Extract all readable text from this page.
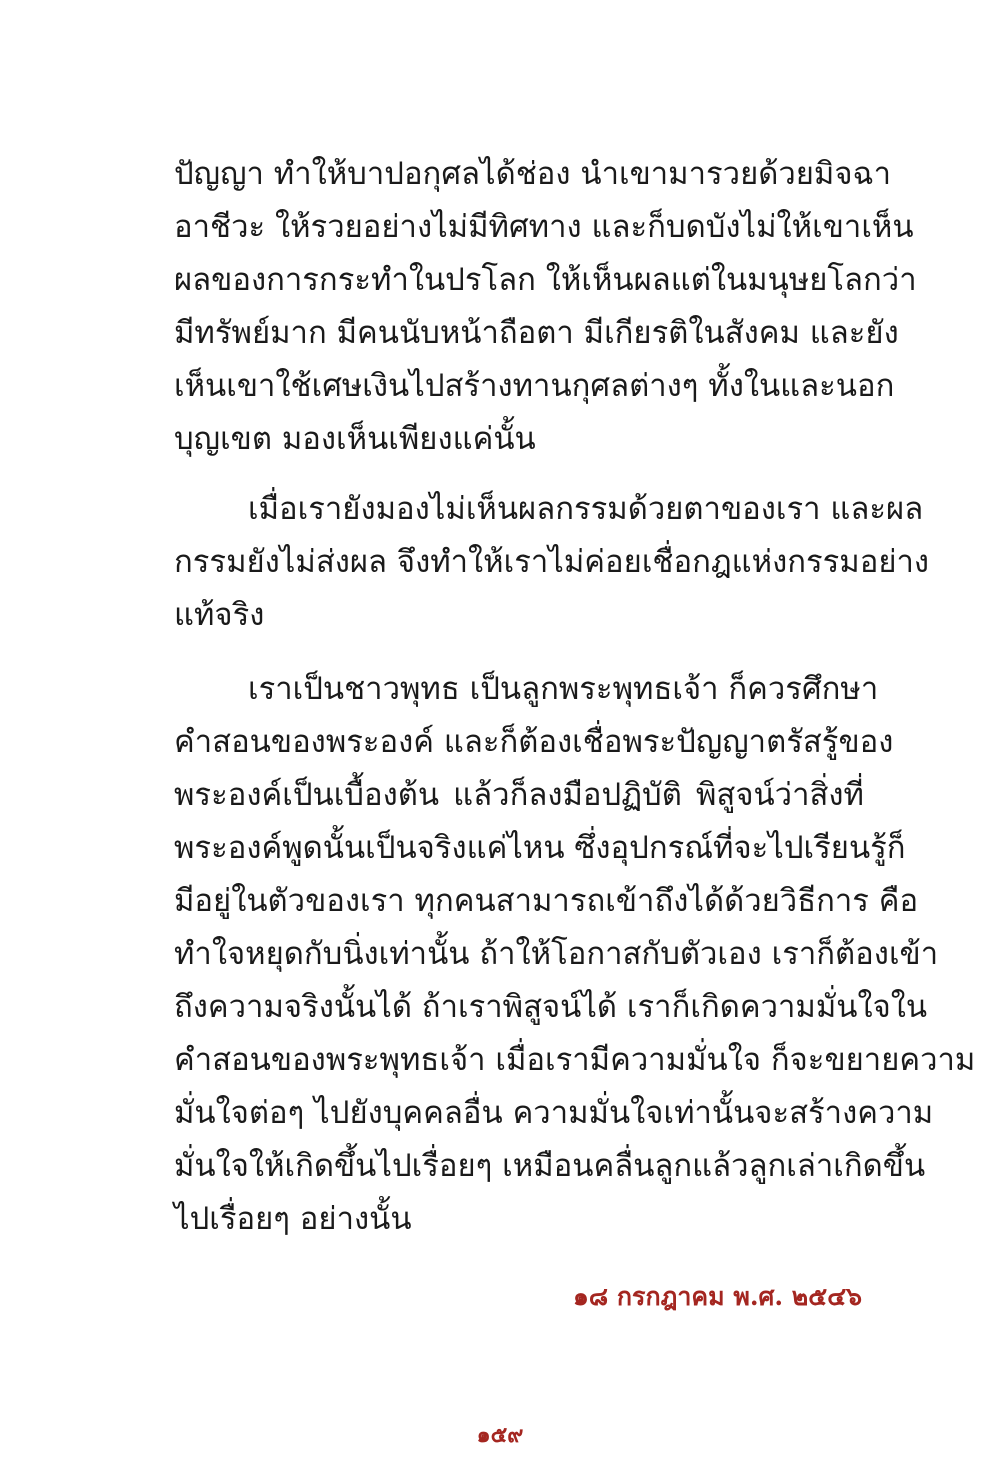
ปัญญา ทำให้บาปอกุศลได้ช่อง นำเขามารวยด้วยมิจฉา
อาชีวะ ให้รวยอย่างไม่มีทิศทาง และก็บดบังไม่ให้เขาเห็น
ผลของการกระทำในปรโลก ให้เห็นผลแต่ในมนุษยโลกว่า
มีทรัพย์มาก มีคนนับหน้าถือตา มีเกียรติในสังคม และยัง
เห็นเขาใช้เศษเงินไปสร้างทานกุศลต่างๆ ทั้งในและนอก
บุญเขต มองเห็นเพียงแค่นั้น
เมื่อเรายังมองไม่เห็นผลกรรมด้วยตาของเรา และผล
กรรมยังไม่ส่งผล จึงทำให้เราไม่ค่อยเชื่อกฎแห่งกรรมอย่าง
แท้จริง
เราเป็นชาวพุทธ เป็นลูกพระพุทธเจ้า ก็ควรศึกษา
คำสอนของพระองค์ และก็ต้องเชื่อพระปัญญาตรัสรู้ของ
พระองค์เป็นเบื้องต้น แล้วก็ลงมือปฏิบัติ พิสูจน์ว่าสิ่งที่
พระองค์พูดนั้นเป็นจริงแค่ไหน ซึ่งอุปกรณ์ที่จะไปเรียนรู้ก็
มีอยู่ในตัวของเรา ทุกคนสามารถเข้าถึงได้ด้วยวิธีการ คือ
ทำใจหยุดกับนิ่งเท่านั้น ถ้าให้โอกาสกับตัวเอง เราก็ต้องเข้า
ถึงความจริงนั้นได้ ถ้าเราพิสูจน์ได้ เราก็เกิดความมั่นใจใน
คำสอนของพระพุทธเจ้า เมื่อเรามีความมั่นใจ ก็จะขยายความ
มั่นใจต่อๆ ไปยังบุคคลอื่น ความมั่นใจเท่านั้นจะสร้างความ
มั่นใจให้เกิดขึ้นไปเรื่อยๆ เหมือนคลื่นลูกแล้วลูกเล่าเกิดขึ้น
ไปเรื่อยๆ อย่างนั้น
๑๘ กรกฎาคม พ.ศ. ๒๕๔๖
๑๕๙
